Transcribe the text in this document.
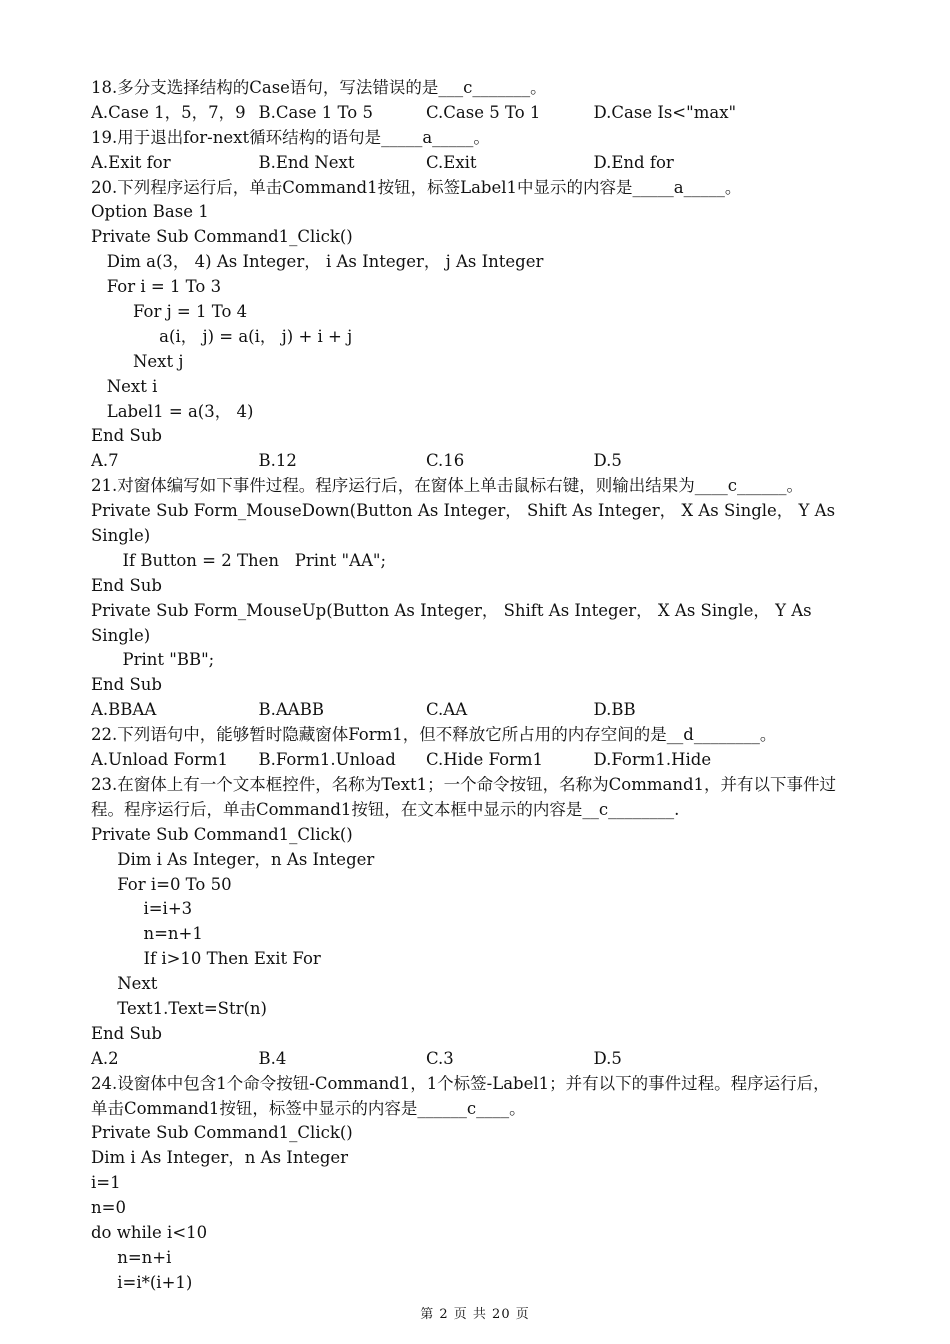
18.多分支选择结构的Case语句，写法错误的是___c_______。
A.Case 1，5，7，9 B.Case 1 To 5	C.Case 5 To 1	D.Case Is<"max"
19.用于退出for-next循环结构的语句是_____a_____。
A.Exit for	B.End Next	C.Exit	D.End for
20.下列程序运行后，单击Command1按钮，标签Label1中显示的内容是_____a_____。
Option Base 1
Private Sub Command1_Click()
Dim a(3， 4) As Integer， i As Integer， j As Integer
For i = 1 To 3
For j = 1 To 4
a(i， j) = a(i， j) + i + j
Next j
Next i
Label1 = a(3， 4)
End Sub
A.7	B.12	C.16	D.5
21.对窗体编写如下事件过程。程序运行后，在窗体上单击鼠标右键，则输出结果为____c______。
Private Sub Form_MouseDown(Button As Integer， Shift As Integer， X As Single， Y As
Single)
If Button = 2 Then   Print "AA";
End Sub
Private Sub Form_MouseUp(Button As Integer， Shift As Integer， X As Single， Y As
Single)
Print "BB";
End Sub
A.BBAA	B.AABB	C.AA	D.BB
22.下列语句中，能够暂时隐藏窗体Form1，但不释放它所占用的内存空间的是__d________。
A.Unload Form1	B.Form1.Unload	C.Hide Form1	D.Form1.Hide
23.在窗体上有一个文本框控件，名称为Text1；一个命令按钮，名称为Command1，并有以下事件过
程。程序运行后，单击Command1按钮，在文本框中显示的内容是__c________.
Private Sub Command1_Click()
Dim i As Integer，n As Integer
For i=0 To 50
i=i+3
n=n+1
If i>10 Then Exit For
Next
Text1.Text=Str(n)
End Sub
A.2	B.4	C.3	D.5
24.设窗体中包含1个命令按钮-Command1，1个标签-Label1；并有以下的事件过程。程序运行后，
单击Command1按钮，标签中显示的内容是______c____。
Private Sub Command1_Click()
Dim i As Integer，n As Integer
i=1
n=0
do while i<10
n=n+i
i=i*(i+1)
第 2 页 共 20 页
